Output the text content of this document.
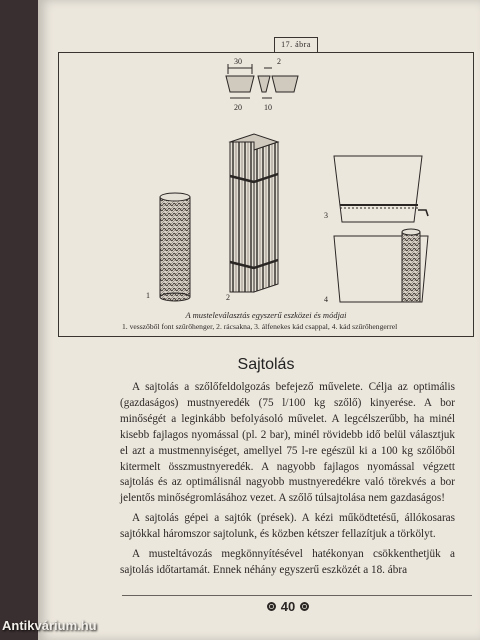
17. ábra
30	2
20	10
1	2
3
4
A musteleválasztás egyszerű eszközei és módjai
1. vesszőből font szűrőhenger, 2. rácsakna, 3. álfenekes kád csappal, 4. kád szűrőhengerrel
Sajtolás

A sajtolás a szőlőfeldolgozás befejező művelete. Célja az optimális (gazdaságos) mustnyeredék (75 l/100 kg szőlő) kinyerése. A bor minőségét a leginkább befolyásoló művelet. A legcélszerűbb, ha minél kisebb fajlagos nyomással (pl. 2 bar), minél rövidebb idő belül választjuk el azt a mustmennyiséget, amellyel 75 l-re egészül ki a 100 kg szőlőből kitermelt összmustnyeredék. A nagyobb fajlagos nyomással végzett sajtolás és az optimálisnál nagyobb mustnyeredékre való törekvés a bor jelentős minőségromlásához vezet. A szőlő túlsajtolása nem gazdaságos!

A sajtolás gépei a sajtók (prések). A kézi működtetésű, állókosaras sajtókkal háromszor sajtolunk, és közben kétszer fellazítjuk a törkölyt.

A musteltávozás megkönnyítésével hatékonyan csökkenthetjük a sajtolás időtartamát. Ennek néhány egyszerű eszközét a 18. ábra

40
Antikvárium.hu
